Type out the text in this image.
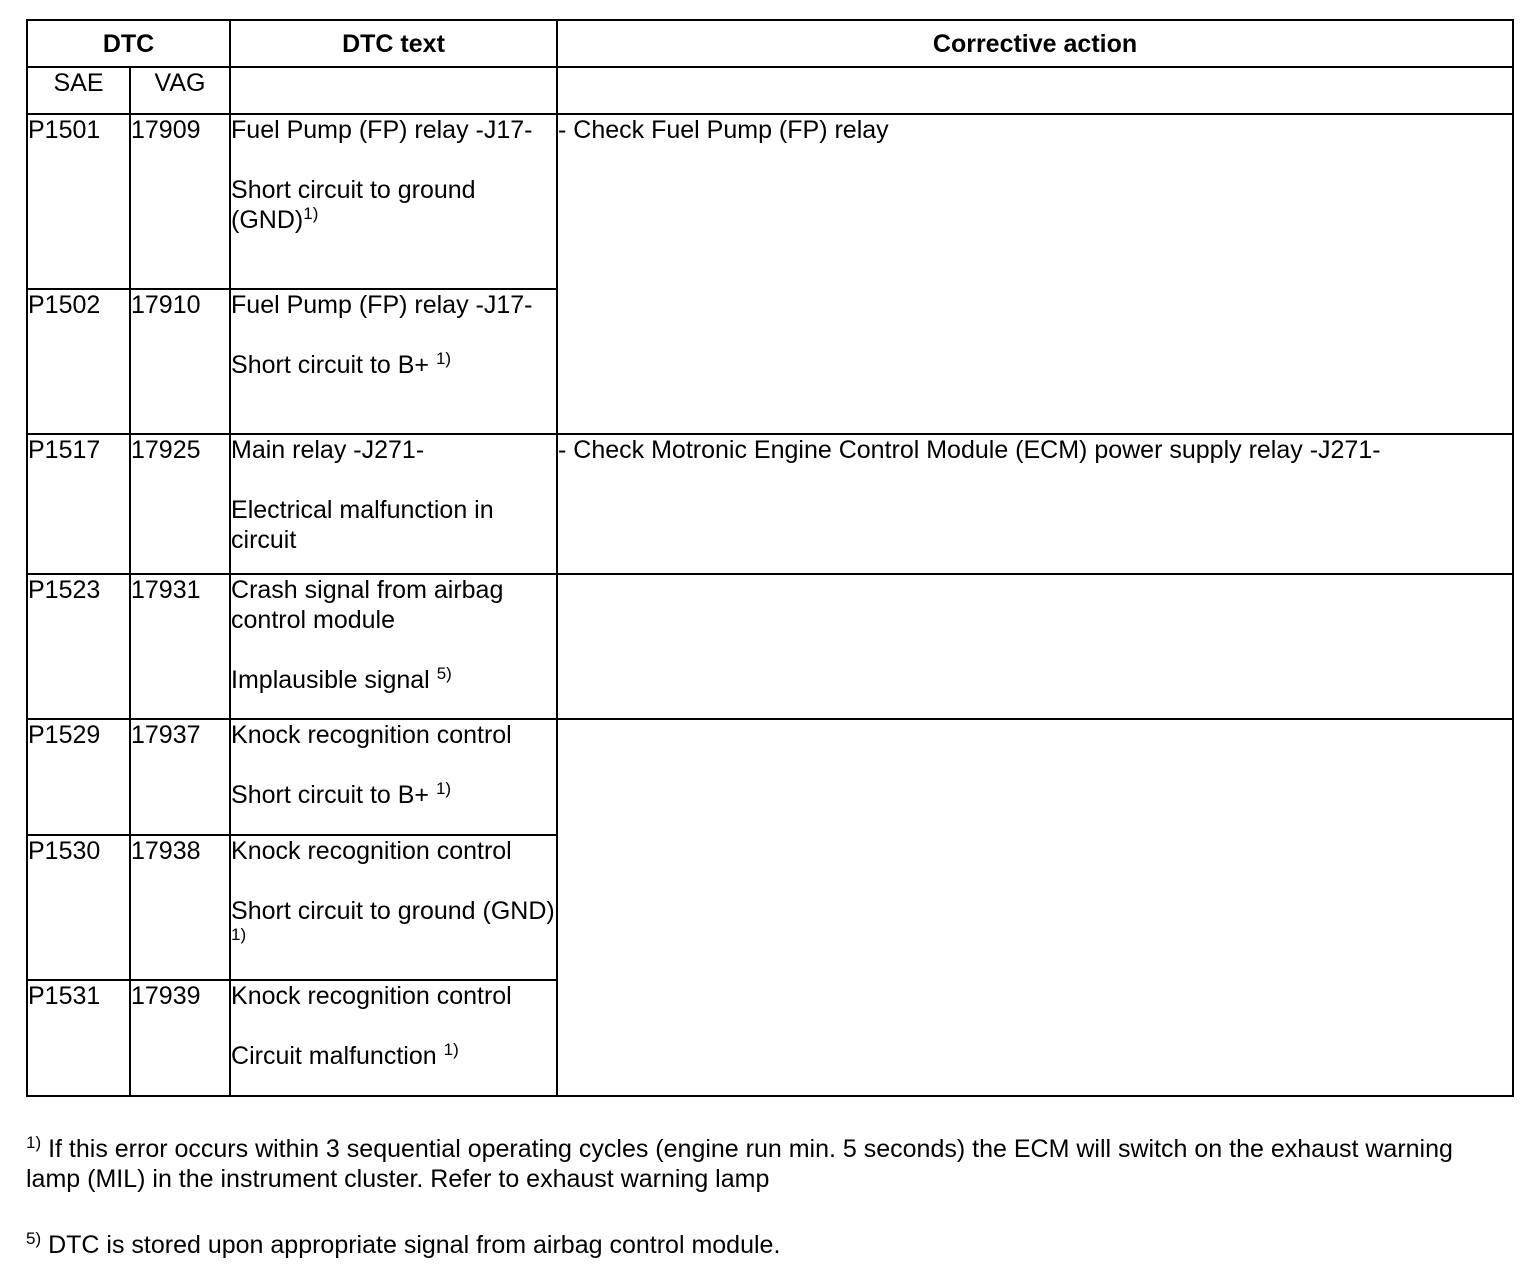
DTC		DTC text	Corrective action
SAE	VAG		
P1501	17909	Fuel Pump (FP) relay -J17-
Short circuit to ground (GND)$^{1)}$	- Check Fuel Pump (FP) relay
P1502	17910	Fuel Pump (FP) relay -J17-
Short circuit to B+ $^{1)}$

P1517	17925	Main relay -J271-
Electrical malfunction in circuit	- Check Motronic Engine Control Module (ECM) power supply relay -J271-
P1523	17931	Crash signal from airbag control module
Implausible signal $^{5)}$

P1529	17937	Knock recognition control
Short circuit to B+ $^{1)}$

P1530	17938	Knock recognition control
Short circuit to ground (GND) $^{1)}$

P1531	17939	Knock recognition control
Circuit malfunction $^{1)}$

$^{1)}$ If this error occurs within 3 sequential operating cycles (engine run min. 5 seconds) the ECM will switch on the exhaust warning lamp (MIL) in the instrument cluster. Refer to exhaust warning lamp

$^{5)}$ DTC is stored upon appropriate signal from airbag control module.
